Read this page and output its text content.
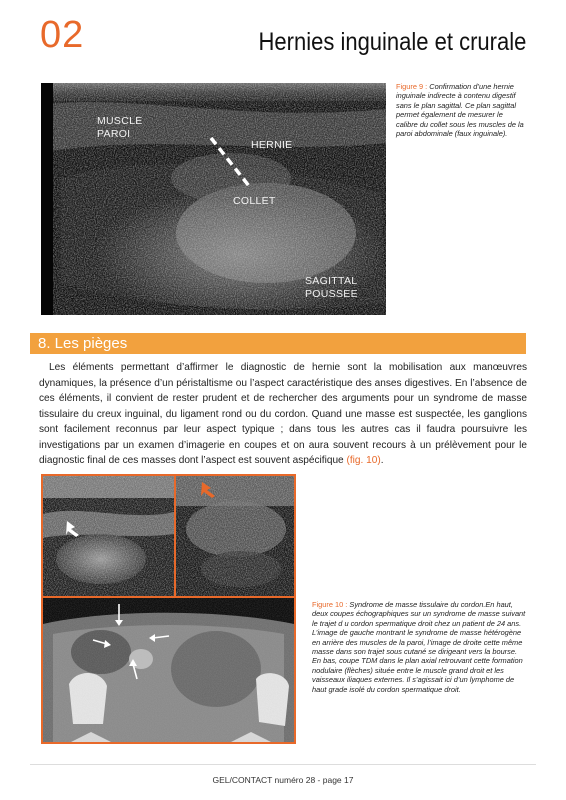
02	Hernies inguinale et crurale
MUSCLE
PAROI
HERNIE
COLLET
SAGITTAL
POUSSEE
Figure 9 : Confirmation d’une hernie inguinale indirecte à contenu digestif sans le plan sagittal. Ce plan sagittal permet également de mesurer le calibre du collet sous les muscles de la paroi abdominale (faux inguinale).
8. Les pièges
Les éléments permettant d’affirmer le diagnostic de hernie sont la mobilisation aux manœuvres dynamiques, la présence d’un péristaltisme ou l’aspect caractéristique des anses digestives. En l’absence de ces éléments, il convient de rester prudent et de rechercher des arguments pour un syndrome de masse tissulaire du creux inguinal, du ligament rond ou du cordon. Quand une masse est suspectée, les ganglions sont facilement reconnus par leur aspect typique ; dans tous les autres cas il faudra poursuivre les investigations par un examen d’imagerie en coupes et on aura souvent recours à un prélèvement pour le diagnostic final de ces masses dont l’aspect est souvent aspécifique (fig. 10).
Figure 10 : Syndrome de masse tissulaire du cordon.En haut, deux coupes échographiques sur un syndrome de masse suivant le trajet d u cordon spermatique droit chez un patient de 24 ans. L’image de gauche montrant le syndrome de masse hétérogène en arrière des muscles de la paroi, l’image de droite cette même masse dans son trajet sous cutané se dirigeant vers la bourse. En bas, coupe TDM dans le plan axial retrouvant cette formation nodulaire (flèches) située entre le muscle grand droit et les vaisseaux iliaques externes. Il s’agissait ici d’un lymphome de haut grade isolé du cordon spermatique droit.
GEL/CONTACT numéro 28 - page 17
